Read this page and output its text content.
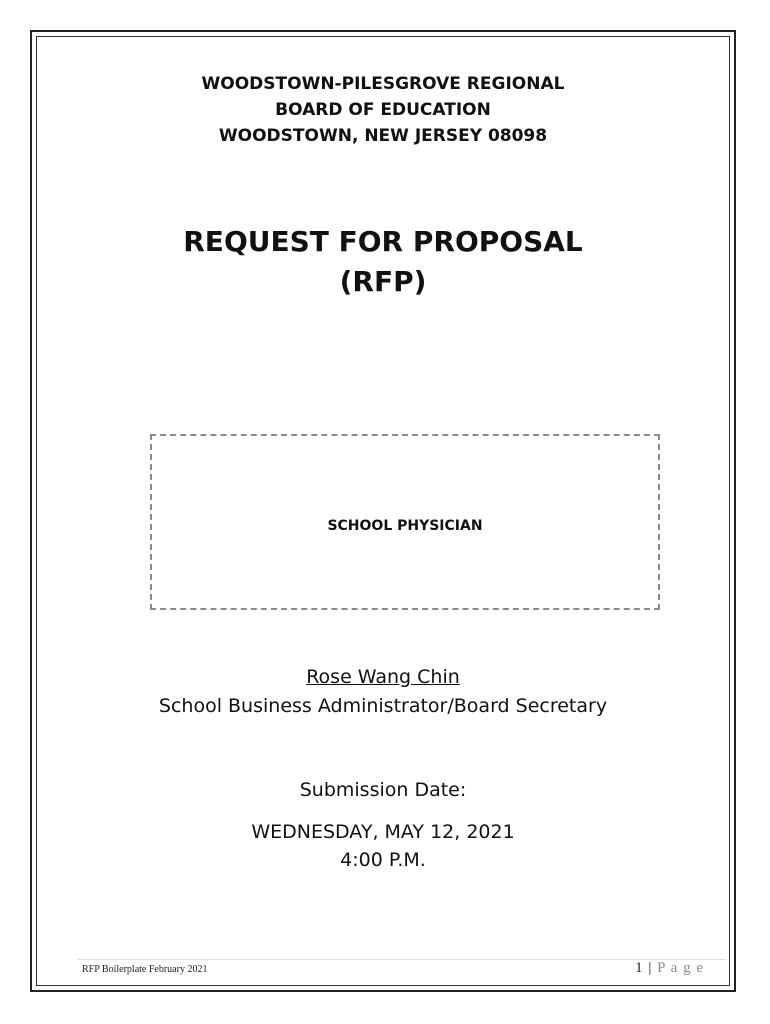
WOODSTOWN-PILESGROVE REGIONAL
BOARD OF EDUCATION
WOODSTOWN, NEW JERSEY 08098
REQUEST FOR PROPOSAL
(RFP)
SCHOOL PHYSICIAN
Rose Wang Chin
School Business Administrator/Board Secretary
Submission Date:
WEDNESDAY, MAY 12, 2021
4:00 P.M.
RFP Boilerplate February 2021	1 | P a g e
